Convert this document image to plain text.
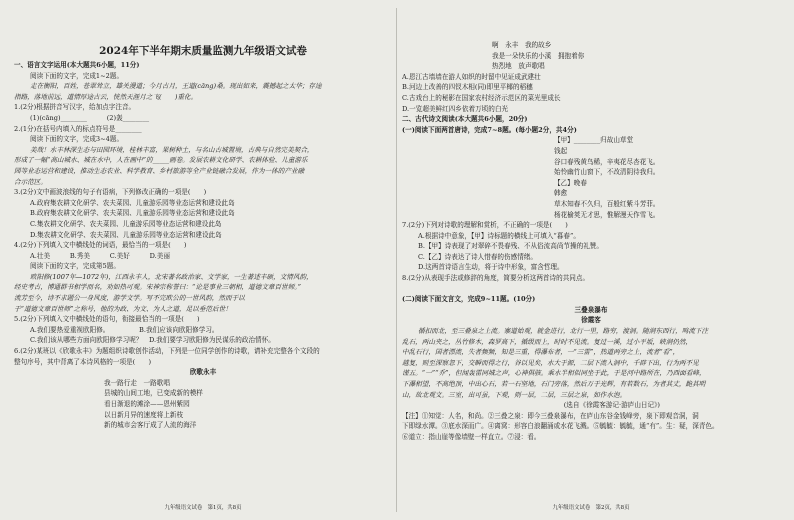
2024年下半年期末质量监测九年级语文试卷
一、语言文字运用(本大题共6小题，11分)
阅读下面的文字，完成1~2题。
走在衡阳，百姓，苍翠耸立，雄关漫道；今月古月，王道(cāng)桑。现出如来，震撼起之太华；存途
指路，落地前远，道情厚途古云，恍然天涯月之飞(　　)重化。
1.(2分)根据拼音写汉字，给加点字注音。
(1)(cāng)________　　　(2)轰________
2.(1分)在括号内填入的标点符号是________
阅读下面的文字，完成3~4题。
美哉！水丰林深生态与田园环境，桂林丰富，果树种土，与名山古城置境，古典与自然完美契合，
形成了一幅“高山城水、城在水中，人在画中”的_____画卷。发展农耕文化研学、农耕体验、儿童游乐
园等业态运营和建设，推动生态农业、科学教育、乡村旅游等全产业链融合发展，作为一体的产业融
合示范区。
3.(2分)文中画波浪线的句子有语病，下列修改正确的一项是(　　)
A.政府集农耕文化研学、农夫菜园、儿童游乐园等业态运营和建设此岛
B.政府集农耕文化研学、农夫菜园、儿童游乐园等业态运营和建设此岛
C.集农耕文化研学、农夫菜园、儿童游乐园等业态运营和建设此岛
D.集农耕文化研学、农夫菜园、儿童游乐园等业态运营和建设此岛
4.(2分)下列填入文中横线处的词语，最恰当的一项是(　　)
A.壮美　　　B.秀美　　　C.美好　　　D.美丽
阅读下面的文字，完成第5题。
欧阳修(1007年—1072年)，江西永丰人，北宋著名政治家、文学家，一生著述丰硕，文情风韵，
经史考古，博通群书相学而名，劝如热可观。宋神宗称誉曰：“论是事业三朝相，道德文章百世师。”
流芳至今，诗不求题公一身风度，游学文学。写不完欧公的一世风韵，然而于以
于“道德文章百世师”之称号，他的为政、为文、为人之道，足以垂范后世！
5.(2分)下列填入文中横线处的语句，衔接最恰当的一项是(　　)
A.我们要热爱重视欧阳修。　　　　　B.我们应该向欧阳修学习。
C.我们该从哪些方面向欧阳修学习呢？　D.我们要学习欧阳修为民谋乐的政治情怀。
6.(2分)某班以《欣歌永丰》为题组织诗歌创作活动，下列是一位同学创作的诗歌，请补充完整各个文段的
整句序号，其中背离了本诗风格的一项是(　　)
欣歌永丰
我一路行走　一路歌唱
县城的山间工地，已变成新的模样
看日渐退的滩涂——恩州紫园
以日新月异的速度将上新枝
新的城市会客厅成了人流的海洋
九年级语文试卷　第1页，共8页
啊　永丰　我的故乡
我是一朵快乐的小溪　拥抱着你
热烈地　放声歌唱
A.恩江古墙墙在游人如织的时留中见证成武建壮
B.河边上改善的四钗木相(同)即里平椰的稻穗
C.古戏台上的秘影在国家农村经济示范区的菜光里成长
D.一览超美鲜红四乡依着万顷的白光
二、古代诗文阅读(本大题共6小题，20分)
(一)阅读下面两首唐诗，完成7~8题。(每小题2分，共4分)
【甲】________归故山草堂
钱起
谷口春残黄鸟稀，辛夷花尽杏花飞。
始怜幽竹山窗下，不改清阴待我归。
【乙】晚春
韩愈
草木知春不久归，百般红紫斗芳菲。
杨花榆荚无才思，惟解漫天作雪飞。
7.(2分)下列对诗歌的理解和赏析，不正确的一项是(　　)
A.根据诗中意象，【甲】诗标题的横线上可填入“暮春”。
B.【甲】诗表现了对翠碎不畏春残、不从俗流高尚节操的礼赞。
C.【乙】诗表达了诗人惜春的伤感情绪。
D.这两首诗语言生动，将于诗中形象，富含哲理。
8.(2分)从表现手法或修辞的角度，简要分析这两首诗的共同点。

(二)阅读下面文言文，完成9~11题。(10分)
三叠泉瀑布
徐霞客
循扣而北，至三叠泉之上流。寨道始观，就金进行，北行一里，路穷，渡洞。随涧东西行，鸣流下注
乱石，两山夹之，丛竹修木，森罗高下，循级而上，时时不见流。复过一溪，过小平坂，峡涧仍然，
中乱石行，国者漂流，失者频频，知是三重，得瀑布者，一“三雷”，热道两旁之上，流者“看”，
越复，则至深察忽下，交瞬而得之行，谷以见矣，水大于源，二层下流入洞中，千辟下出，行为两不见
谨五。“一”“乔”，但闻轰雷同城之声，心神俱骇。乘水半相似同坐于此，于是河中路所在，乃西面看峰，
下瀑相望，不高绝顶，中出心石，若一石坚地，石门旁落，然后万于光辉，有若数石，为者其丈，跪其明
山，故北观文。三室，出可虽，下观，则一层，二层，三层之泉，如作水泡。
(选自《徐霞客游记·游庐山日记》)
【注】①知觉：人名，和尚。②三叠之泉：即今三叠泉瀑布，在庐山东谷金钱峰旁，泉下即观音洞，洞
下即绿水潭。③底水深而广。④离窝：形容白浪翻涌或水花飞溅。⑤毓毓：毓毓，通“有”。生：疑，深青色。
⑥道立：指山崖等像墙壁一样直立。⑦浸：看。
九年级语文试卷　第2页，共8页
